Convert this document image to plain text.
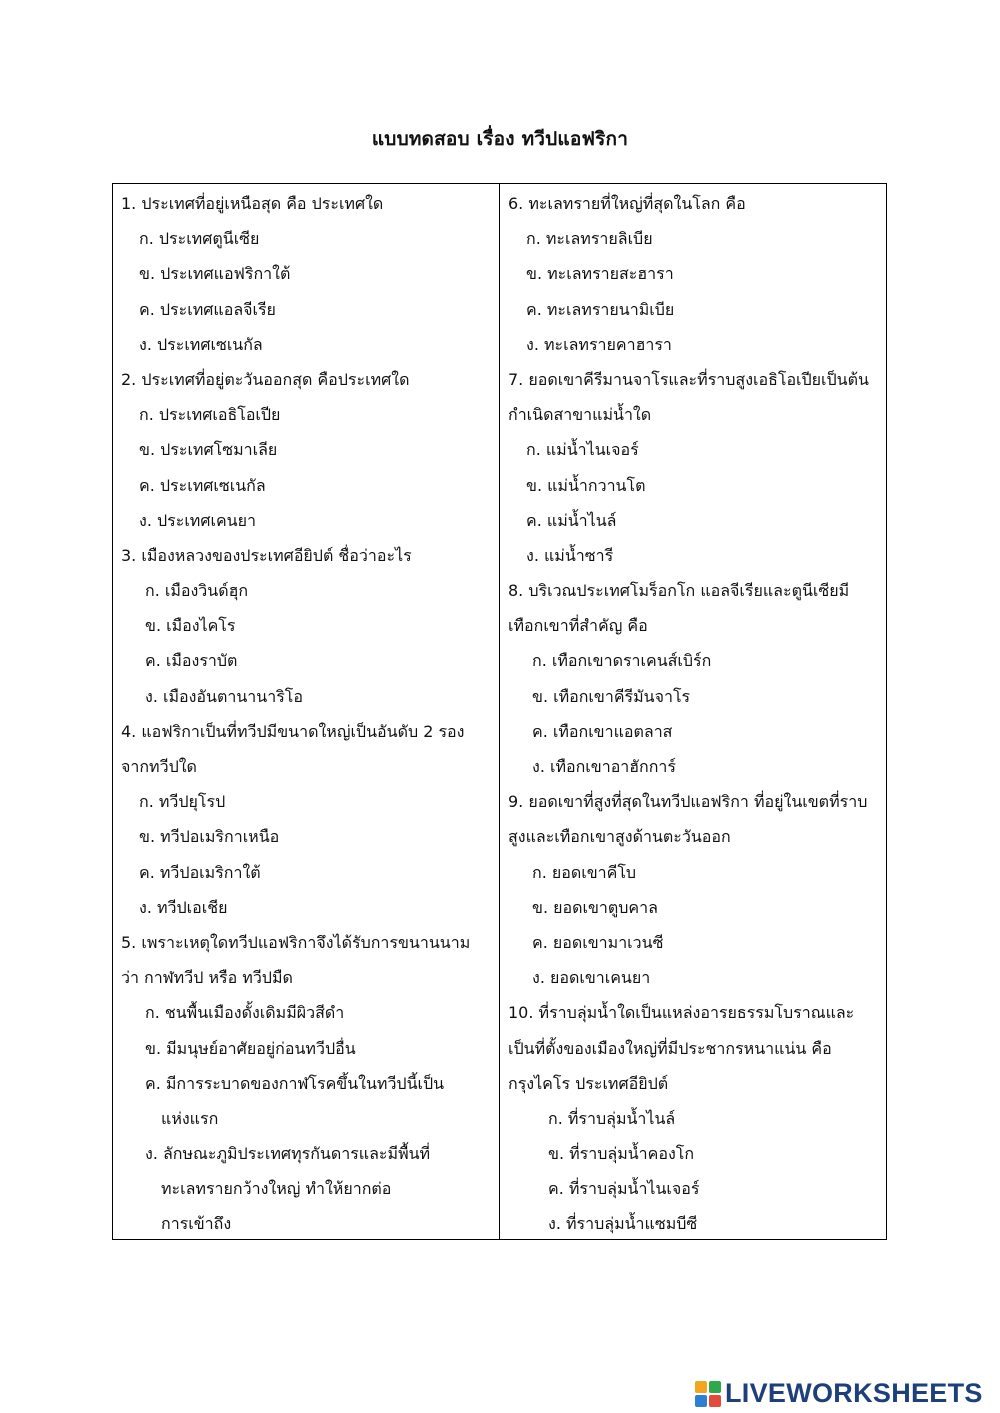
แบบทดสอบ เรื่อง ทวีปแอฟริกา
1. ประเทศที่อยู่เหนือสุด คือ ประเทศใด
ก. ประเทศตูนีเซีย
ข. ประเทศแอฟริกาใต้
ค. ประเทศแอลจีเรีย
ง. ประเทศเซเนกัล
2. ประเทศที่อยู่ตะวันออกสุด คือประเทศใด
ก. ประเทศเอธิโอเปีย
ข. ประเทศโซมาเลีย
ค. ประเทศเซเนกัล
ง. ประเทศเคนยา
3. เมืองหลวงของประเทศอียิปต์ ชื่อว่าอะไร
ก. เมืองวินด์ฮุก
ข. เมืองไคโร
ค. เมืองราบัต
ง. เมืองอันตานานาริโอ
4. แอฟริกาเป็นที่ทวีปมีขนาดใหญ่เป็นอันดับ 2 รอง
จากทวีปใด
ก. ทวีปยุโรป
ข. ทวีปอเมริกาเหนือ
ค. ทวีปอเมริกาใต้
ง. ทวีปเอเชีย
5. เพราะเหตุใดทวีปแอฟริกาจึงได้รับการขนานนาม
ว่า กาฬทวีป หรือ ทวีปมืด
ก. ชนพื้นเมืองดั้งเดิมมีผิวสีดำ
ข. มีมนุษย์อาศัยอยู่ก่อนทวีปอื่น
ค. มีการระบาดของกาฬโรคขึ้นในทวีปนี้เป็น
แห่งแรก
ง. ลักษณะภูมิประเทศทุรกันดารและมีพื้นที่
ทะเลทรายกว้างใหญ่ ทำให้ยากต่อ
การเข้าถึง
6. ทะเลทรายที่ใหญ่ที่สุดในโลก คือ
ก. ทะเลทรายลิเบีย
ข. ทะเลทรายสะฮารา
ค. ทะเลทรายนามิเบีย
ง. ทะเลทรายคาฮารา
7. ยอดเขาคีรีมานจาโรและที่ราบสูงเอธิโอเปียเป็นต้น
กำเนิดสาขาแม่น้ำใด
ก. แม่น้ำไนเจอร์
ข. แม่น้ำกวานโต
ค. แม่น้ำไนล์
ง. แม่น้ำซารี
8. บริเวณประเทศโมร็อกโก แอลจีเรียและตูนีเซียมี
เทือกเขาที่สำคัญ คือ
ก. เทือกเขาดราเคนส์เบิร์ก
ข. เทือกเขาคีรีมันจาโร
ค. เทือกเขาแอตลาส
ง. เทือกเขาอาฮักการ์
9. ยอดเขาที่สูงที่สุดในทวีปแอฟริกา ที่อยู่ในเขตที่ราบ
สูงและเทือกเขาสูงด้านตะวันออก
ก. ยอดเขาคีโบ
ข. ยอดเขาตูบคาล
ค. ยอดเขามาเวนซี
ง. ยอดเขาเคนยา
10. ที่ราบลุ่มน้ำใดเป็นแหล่งอารยธรรมโบราณและ
เป็นที่ตั้งของเมืองใหญ่ที่มีประชากรหนาแน่น คือ
กรุงไคโร ประเทศอียิปต์
ก. ที่ราบลุ่มน้ำไนล์
ข. ที่ราบลุ่มน้ำคองโก
ค. ที่ราบลุ่มน้ำไนเจอร์
ง. ที่ราบลุ่มน้ำแซมบีซี
LIVEWORKSHEETS
